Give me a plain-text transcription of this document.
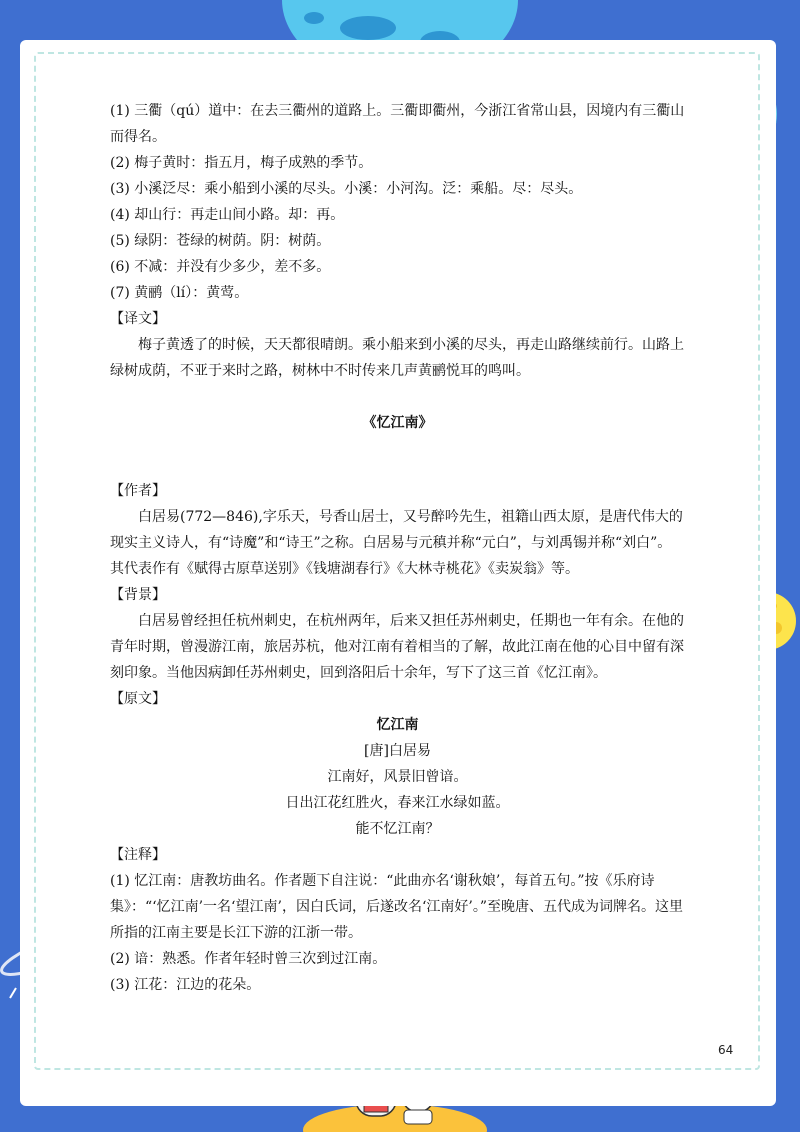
(1) 三衢（qú）道中：在去三衢州的道路上。三衢即衢州，今浙江省常山县，因境内有三衢山而得名。

(2) 梅子黄时：指五月，梅子成熟的季节。

(3) 小溪泛尽：乘小船到小溪的尽头。小溪：小河沟。泛：乘船。尽：尽头。

(4) 却山行：再走山间小路。却：再。

(5) 绿阴：苍绿的树荫。阴：树荫。

(6) 不减：并没有少多少，差不多。

(7) 黄鹂（lí）：黄莺。

【译文】

梅子黄透了的时候，天天都很晴朗。乘小船来到小溪的尽头，再走山路继续前行。山路上绿树成荫，不亚于来时之路，树林中不时传来几声黄鹂悦耳的鸣叫。

《忆江南》

【作者】

白居易(772—846),字乐天，号香山居士，又号醉吟先生，祖籍山西太原，是唐代伟大的现实主义诗人，有“诗魔”和“诗王”之称。白居易与元稹并称“元白”，与刘禹锡并称“刘白”。其代表作有《赋得古原草送别》《钱塘湖春行》《大林寺桃花》《卖炭翁》等。

【背景】

白居易曾经担任杭州刺史，在杭州两年，后来又担任苏州刺史，任期也一年有余。在他的青年时期，曾漫游江南，旅居苏杭，他对江南有着相当的了解，故此江南在他的心目中留有深刻印象。当他因病卸任苏州刺史，回到洛阳后十余年，写下了这三首《忆江南》。

【原文】

忆江南

[唐]白居易

江南好，风景旧曾谙。

日出江花红胜火，春来江水绿如蓝。

能不忆江南？

【注释】

(1) 忆江南：唐教坊曲名。作者题下自注说：“此曲亦名‘谢秋娘’，每首五句。”按《乐府诗集》：“‘忆江南’一名‘望江南’，因白氏词，后遂改名‘江南好’。”至晚唐、五代成为词牌名。这里所指的江南主要是长江下游的江浙一带。

(2) 谙：熟悉。作者年轻时曾三次到过江南。

(3) 江花：江边的花朵。

64
